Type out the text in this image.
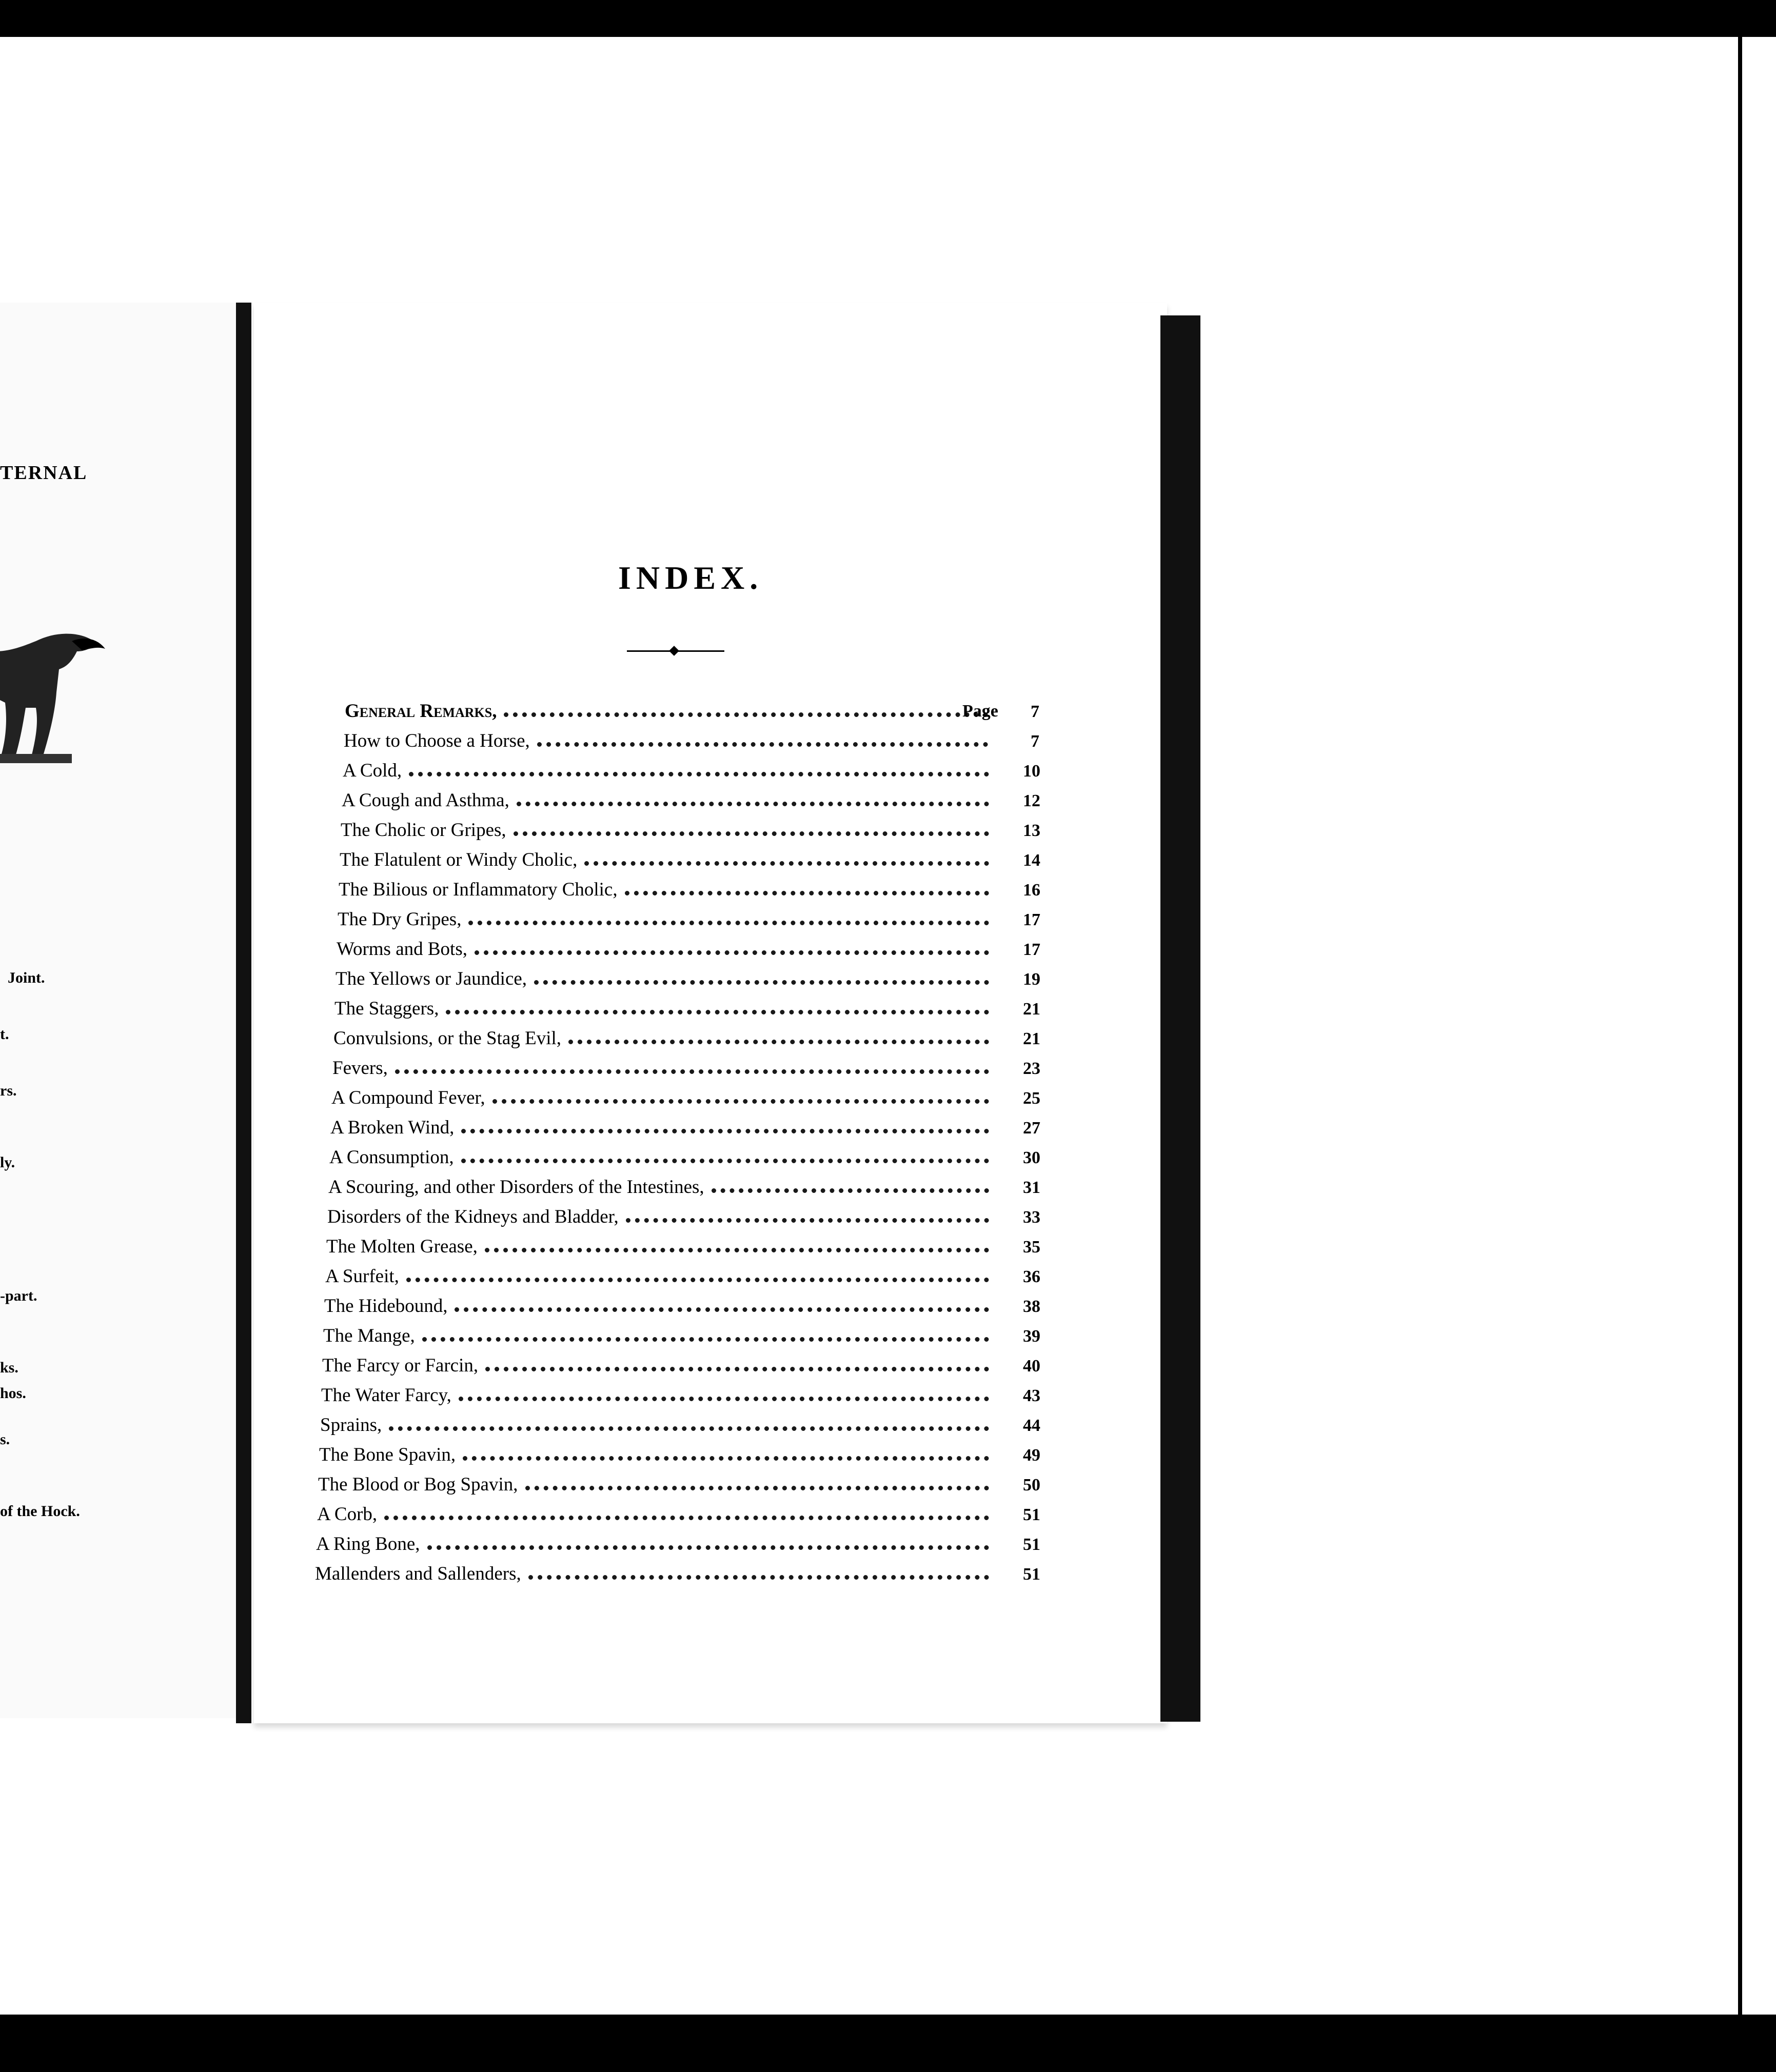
TERNAL

Joint.
t.
rs.
ly.
-part.
ks.
hos.
s.
of the Hock.
INDEX.
Page
General Remarks,	7
How to Choose a Horse,	7
A Cold,	10
A Cough and Asthma,	12
The Cholic or Gripes,	13
The Flatulent or Windy Cholic,	14
The Bilious or Inflammatory Cholic,	16
The Dry Gripes,	17
Worms and Bots,	17
The Yellows or Jaundice,	19
The Staggers,	21
Convulsions, or the Stag Evil,	21
Fevers,	23
A Compound Fever,	25
A Broken Wind,	27
A Consumption,	30
A Scouring, and other Disorders of the Intestines,	31
Disorders of the Kidneys and Bladder,	33
The Molten Grease,	35
A Surfeit,	36
The Hidebound,	38
The Mange,	39
The Farcy or Farcin,	40
The Water Farcy,	43
Sprains,	44
The Bone Spavin,	49
The Blood or Bog Spavin,	50
A Corb,	51
A Ring Bone,	51
Mallenders and Sallenders,	51
